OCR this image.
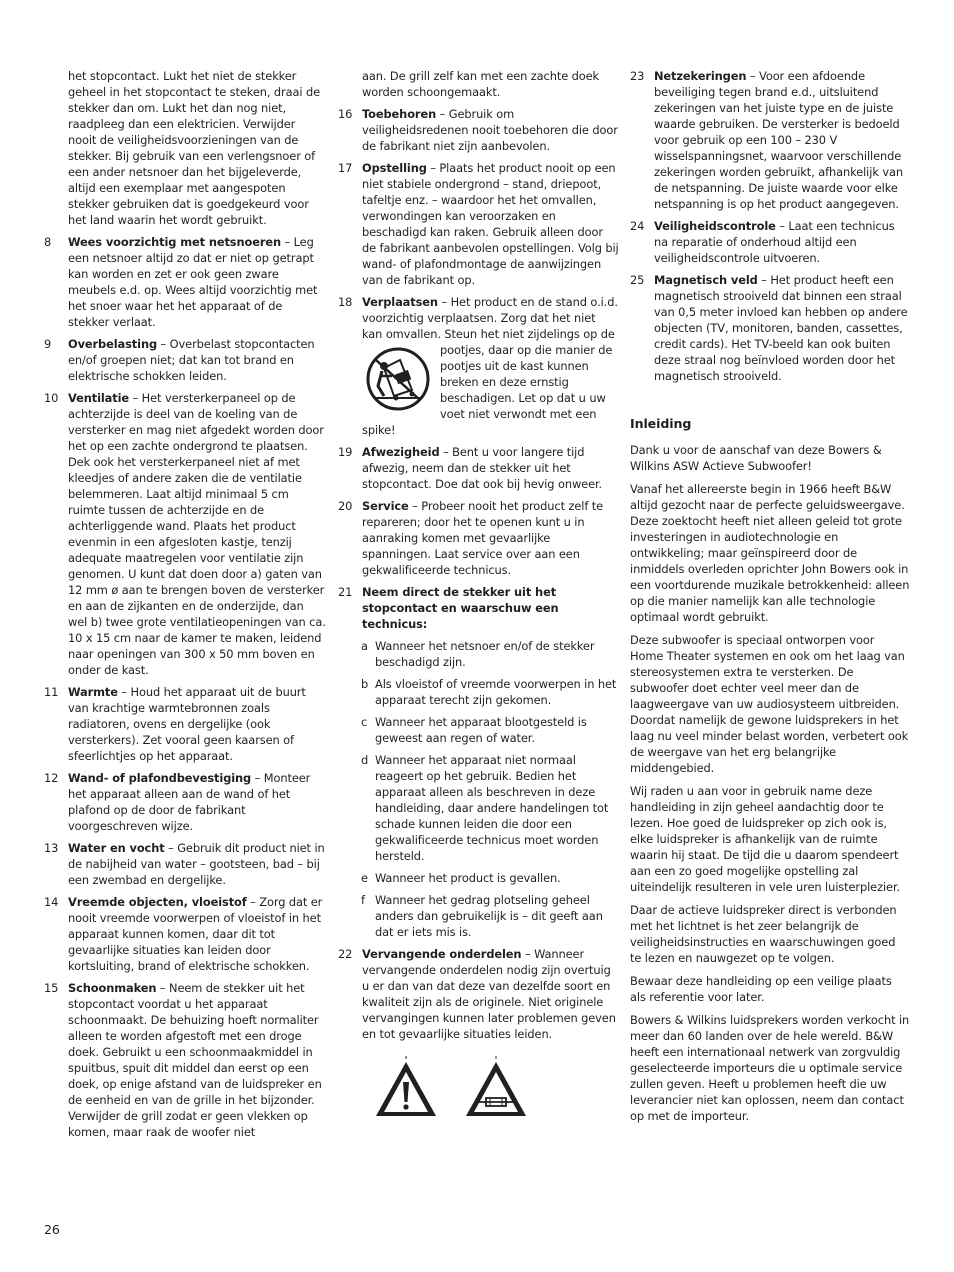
het stopcontact. Lukt het niet de stekker geheel in het stopcontact te steken, draai de stekker dan om. Lukt het dan nog niet, raadpleeg dan een elektricien. Verwijder nooit de veiligheidsvoorzieningen van de stekker. Bij gebruik van een verlengsnoer of een ander netsnoer dan het bijgeleverde, altijd een exemplaar met aangespoten stekker gebruiken dat is goedgekeurd voor het land waarin het wordt gebruikt.
8	Wees voorzichtig met netsnoeren – Leg een netsnoer altijd zo dat er niet op getrapt kan worden en zet er ook geen zware meubels e.d. op. Wees altijd voorzichtig met het snoer waar het het apparaat of de stekker verlaat.
9	Overbelasting – Overbelast stopcontacten en/of groepen niet; dat kan tot brand en elektrische schokken leiden.
10 Ventilatie – Het versterkerpaneel op de achterzijde is deel van de koeling van de versterker en mag niet afgedekt worden door het op een zachte ondergrond te plaatsen. Dek ook het versterkerpaneel niet af met kleedjes of andere zaken die de ventilatie belemmeren. Laat altijd minimaal 5 cm ruimte tussen de achterzijde en de achterliggende wand. Plaats het product evenmin in een afgesloten kastje, tenzij adequate maatregelen voor ventilatie zijn genomen. U kunt dat doen door a) gaten van 12 mm ø aan te brengen boven de versterker en aan de zijkanten en de onderzijde, dan wel b) twee grote ventilatieopeningen van ca. 10 x 15 cm naar de kamer te maken, leidend naar openingen van 300 x 50 mm boven en onder de kast.
11 Warmte – Houd het apparaat uit de buurt van krachtige warmtebronnen zoals radiatoren, ovens en dergelijke (ook versterkers). Zet vooral geen kaarsen of sfeerlichtjes op het apparaat.
12 Wand- of plafondbevestiging – Monteer het apparaat alleen aan de wand of het plafond op de door de fabrikant voorgeschreven wijze.
13 Water en vocht – Gebruik dit product niet in de nabijheid van water – gootsteen, bad – bij een zwembad en dergelijke.
14 Vreemde objecten, vloeistof – Zorg dat er nooit vreemde voorwerpen of vloeistof in het apparaat kunnen komen, daar dit tot gevaarlijke situaties kan leiden door kortsluiting, brand of elektrische schokken.
15 Schoonmaken – Neem de stekker uit het stopcontact voordat u het apparaat schoonmaakt. De behuizing hoeft normaliter alleen te worden afgestoft met een droge doek. Gebruikt u een schoonmaakmiddel in spuitbus, spuit dit middel dan eerst op een doek, op enige afstand van de luidspreker en de eenheid en van de grille in het bijzonder. Verwijder de grill zodat er geen vlekken op komen, maar raak de woofer niet
aan. De grill zelf kan met een zachte doek worden schoongemaakt.
16 Toebehoren – Gebruik om veiligheidsredenen nooit toebehoren die door de fabrikant niet zijn aanbevolen.
17 Opstelling – Plaats het product nooit op een niet stabiele ondergrond – stand, driepoot, tafeltje enz. – waardoor het het omvallen, verwondingen kan veroorzaken en beschadigd kan raken. Gebruik alleen door de fabrikant aanbevolen opstellingen. Volg bij wand- of plafondmontage de aanwijzingen van de fabrikant op.
18 Verplaatsen – Het product en de stand o.i.d. voorzichtig verplaatsen. Zorg dat het niet kan omvallen. Steun het niet zijdelings op de pootjes, daar op die manier de
pootjes uit de kast kunnen breken en deze ernstig beschadigen. Let op dat u uw voet niet verwondt met een spike!
19 Afwezigheid – Bent u voor langere tijd afwezig, neem dan de stekker uit het stopcontact. Doe dat ook bij hevig onweer.
20 Service – Probeer nooit het product zelf te repareren; door het te openen kunt u in aanraking komen met gevaarlijke spanningen. Laat service over aan een gekwalificeerde technicus.
21 Neem direct de stekker uit het stopcontact en waarschuw een technicus:
a Wanneer het netsnoer en/of de stekker beschadigd zijn.
b Als vloeistof of vreemde voorwerpen in het apparaat terecht zijn gekomen.
c Wanneer het apparaat blootgesteld is geweest aan regen of water.
d Wanneer het apparaat niet normaal reageert op het gebruik. Bedien het apparaat alleen als beschreven in deze handleiding, daar andere handelingen tot schade kunnen leiden die door een gekwalificeerde technicus moet worden hersteld.
e Wanneer het product is gevallen.
f Wanneer het gedrag plotseling geheel anders dan gebruikelijk is – dit geeft aan dat er iets mis is.
22 Vervangende onderdelen – Wanneer vervangende onderdelen nodig zijn overtuig u er dan van dat deze van dezelfde soort en kwaliteit zijn als de originele. Niet originele vervangingen kunnen later problemen geven en tot gevaarlijke situaties leiden.
23 Netzekeringen – Voor een afdoende beveiliging tegen brand e.d., uitsluitend zekeringen van het juiste type en de juiste waarde gebruiken. De versterker is bedoeld voor gebruik op een 100 – 230 V wisselspanningsnet, waarvoor verschillende zekeringen worden gebruikt, afhankelijk van de netspanning. De juiste waarde voor elke netspanning is op het product aangegeven.
24 Veiligheidscontrole – Laat een technicus na reparatie of onderhoud altijd een veiligheidscontrole uitvoeren.
25 Magnetisch veld – Het product heeft een magnetisch strooiveld dat binnen een straal van 0,5 meter invloed kan hebben op andere objecten (TV, monitoren, banden, cassettes, credit cards). Het TV-beeld kan ook buiten deze straal nog beïnvloed worden door het magnetisch strooiveld.
Inleiding
Dank u voor de aanschaf van deze Bowers & Wilkins ASW Actieve Subwoofer!
Vanaf het allereerste begin in 1966 heeft B&W altijd gezocht naar de perfecte geluidsweergave. Deze zoektocht heeft niet alleen geleid tot grote investeringen in audiotechnologie en ontwikkeling; maar geïnspireerd door de inmiddels overleden oprichter John Bowers ook in een voortdurende muzikale betrokkenheid: alleen op die manier namelijk kan alle technologie optimaal wordt gebruikt.
Deze subwoofer is speciaal ontworpen voor Home Theater systemen en ook om het laag van stereosystemen extra te versterken. De subwoofer doet echter veel meer dan de laagweergave van uw audiosysteem uitbreiden. Doordat namelijk de gewone luidsprekers in het laag nu veel minder belast worden, verbetert ook de weergave van het erg belangrijke middengebied.
Wij raden u aan voor in gebruik name deze handleiding in zijn geheel aandachtig door te lezen. Hoe goed de luidspreker op zich ook is, elke luidspreker is afhankelijk van de ruimte waarin hij staat. De tijd die u daarom spendeert aan een zo goed mogelijke opstelling zal uiteindelijk resulteren in vele uren luisterplezier.
Daar de actieve luidspreker direct is verbonden met het lichtnet is het zeer belangrijk de veiligheidsinstructies en waarschuwingen goed te lezen en nauwgezet op te volgen.
Bewaar deze handleiding op een veilige plaats als referentie voor later.
Bowers & Wilkins luidsprekers worden verkocht in meer dan 60 landen over de hele wereld. B&W heeft een internationaal netwerk van zorgvuldig geselecteerde importeurs die u optimale service zullen geven. Heeft u problemen heeft die uw leverancier niet kan oplossen, neem dan contact op met de importeur.
26
